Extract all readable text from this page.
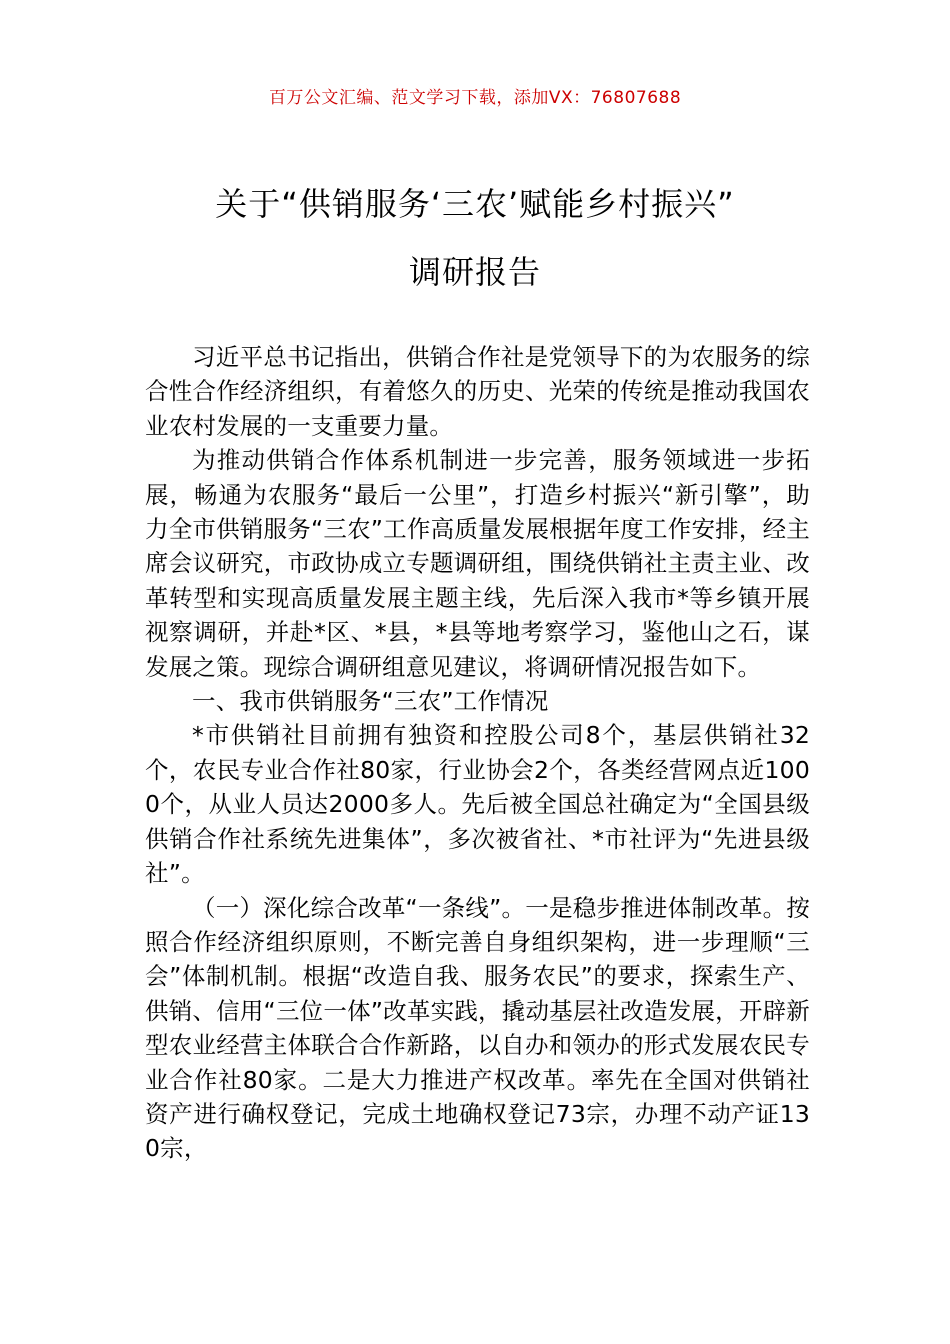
百万公文汇编、范文学习下载，添加VX：76807688
关于“供销服务‘三农’赋能乡村振兴”
调研报告

习近平总书记指出，供销合作社是党领导下的为农服务的综合性合作经济组织，有着悠久的历史、光荣的传统是推动我国农业农村发展的一支重要力量。

为推动供销合作体系机制进一步完善，服务领域进一步拓展，畅通为农服务“最后一公里”，打造乡村振兴“新引擎”，助力全市供销服务“三农”工作高质量发展根据年度工作安排，经主席会议研究，市政协成立专题调研组，围绕供销社主责主业、改革转型和实现高质量发展主题主线，先后深入我市*等乡镇开展视察调研，并赴*区、*县，*县等地考察学习，鉴他山之石，谋发展之策。现综合调研组意见建议，将调研情况报告如下。

一、我市供销服务“三农”工作情况

*市供销社目前拥有独资和控股公司8个，基层供销社32个，农民专业合作社80家，行业协会2个，各类经营网点近1000个，从业人员达2000多人。先后被全国总社确定为“全国县级供销合作社系统先进集体”，多次被省社、*市社评为“先进县级社”。

（一）深化综合改革“一条线”。一是稳步推进体制改革。按照合作经济组织原则，不断完善自身组织架构，进一步理顺“三会”体制机制。根据“改造自我、服务农民”的要求，探索生产、供销、信用“三位一体”改革实践，撬动基层社改造发展，开辟新型农业经营主体联合合作新路，以自办和领办的形式发展农民专业合作社80家。二是大力推进产权改革。率先在全国对供销社资产进行确权登记，完成土地确权登记73宗，办理不动产证130宗，
